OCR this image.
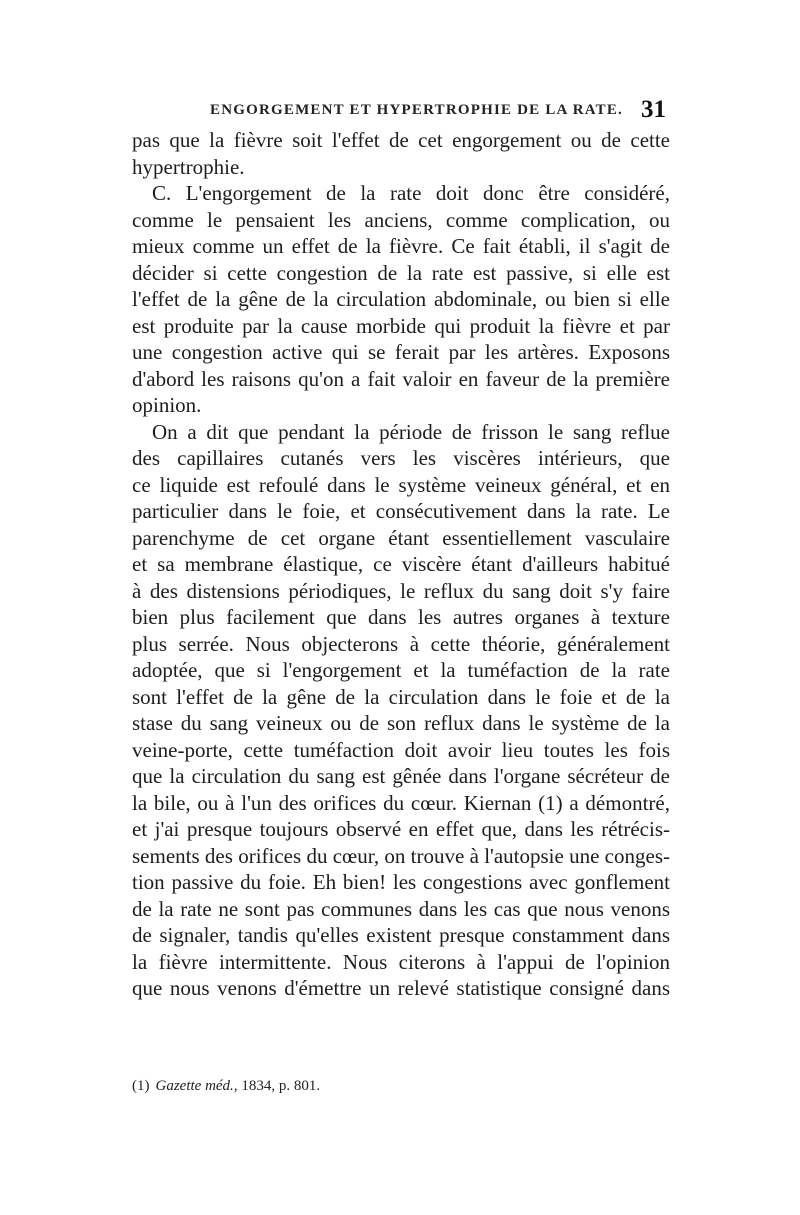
ENGORGEMENT ET HYPERTROPHIE DE LA RATE. 31
pas que la fièvre soit l'effet de cet engorgement ou de cette
hypertrophie.
C. L'engorgement de la rate doit donc être considéré,
comme le pensaient les anciens, comme complication, ou
mieux comme un effet de la fièvre. Ce fait établi, il s'agit de
décider si cette congestion de la rate est passive, si elle est
l'effet de la gêne de la circulation abdominale, ou bien si elle
est produite par la cause morbide qui produit la fièvre et par
une congestion active qui se ferait par les artères. Exposons
d'abord les raisons qu'on a fait valoir en faveur de la première
opinion.
On a dit que pendant la période de frisson le sang reflue
des capillaires cutanés vers les viscères intérieurs, que
ce liquide est refoulé dans le système veineux général, et en
particulier dans le foie, et consécutivement dans la rate. Le
parenchyme de cet organe étant essentiellement vasculaire
et sa membrane élastique, ce viscère étant d'ailleurs habitué
à des distensions périodiques, le reflux du sang doit s'y faire
bien plus facilement que dans les autres organes à texture
plus serrée. Nous objecterons à cette théorie, généralement
adoptée, que si l'engorgement et la tuméfaction de la rate
sont l'effet de la gêne de la circulation dans le foie et de la
stase du sang veineux ou de son reflux dans le système de la
veine-porte, cette tuméfaction doit avoir lieu toutes les fois
que la circulation du sang est gênée dans l'organe sécréteur de
la bile, ou à l'un des orifices du cœur. Kiernan (1) a démontré,
et j'ai presque toujours observé en effet que, dans les rétrécis-
sements des orifices du cœur, on trouve à l'autopsie une conges-
tion passive du foie. Eh bien! les congestions avec gonflement
de la rate ne sont pas communes dans les cas que nous venons
de signaler, tandis qu'elles existent presque constamment dans
la fièvre intermittente. Nous citerons à l'appui de l'opinion
que nous venons d'émettre un relevé statistique consigné dans
(1) Gazette méd., 1834, p. 801.
